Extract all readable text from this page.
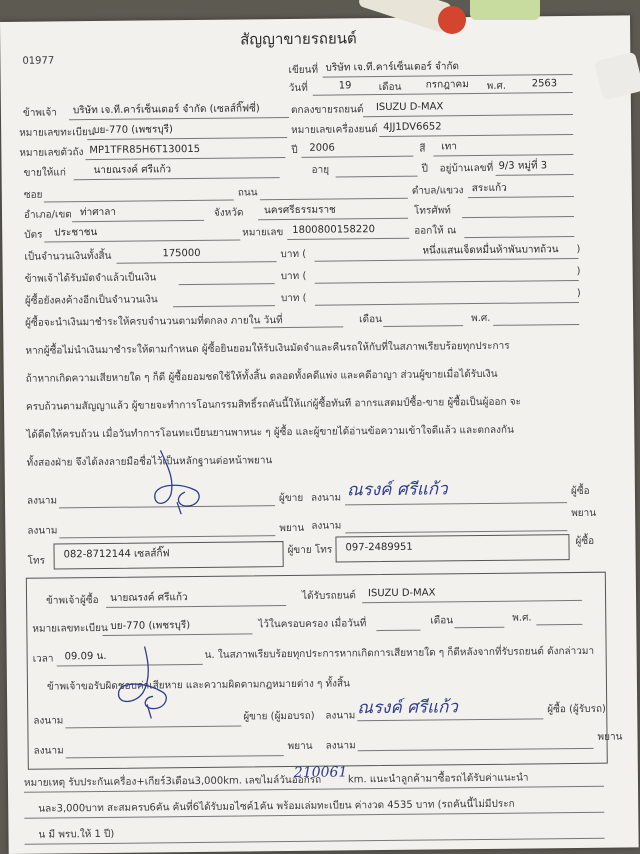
01977
สัญญาขายรถยนต์
เขียนที่ บริษัท เจ.ที.คาร์เซ็นเตอร์ จำกัด
วันที่	19	เดือน กรกฎาคม พ.ศ.	2563
ข้าพเจ้า บริษัท เจ.ที.คาร์เซ็นเตอร์ จำกัด (เซลส์กิ๊ฟซี่)	ตกลงขายรถยนต์ ISUZU D-MAX
หมายเลขทะเบียน
บย-770 (เพชรบุรี)	หมายเลขเครื่องยนต์ 4JJ1DV6652
หมายเลขตัวถัง MP1TFR85H6T130015	ปี 2006	สี เทา
ขายให้แก่	นายณรงค์ ศรีแก้ว	อายุ	ปี อยู่บ้านเลขที่ 9/3 หมู่ที่ 3
ซอย	ถนน	ตำบล/แขวง สระแก้ว
อำเภอ/เขต ท่าศาลา	จังหวัด นครศรีธรรมราช	โทรศัพท์
บัตร ประชาชน	หมายเลข 1800800158220	ออกให้ ณ
เป็นจำนวนเงินทั้งสิ้น	175000	บาท (	หนึ่งแสนเจ็ดหมื่นห้าพันบาทถ้วน )
ข้าพเจ้าได้รับมัดจำแล้วเป็นเงิน	บาท (	)
ผู้ซื้อยังคงค้างอีกเป็นจำนวนเงิน	บาท (	)
ผู้ซื้อจะนำเงินมาชำระให้ครบจำนวนตามที่ตกลง ภายใน วันที่	เดือน	พ.ศ.
หากผู้ซื้อไม่นำเงินมาชำระให้ตามกำหนด ผู้ซื้อยินยอมให้รับเงินมัดจำและคืนรถให้กับที่ในสภาพเรียบร้อยทุกประการ
ถ้าหากเกิดความเสียหายใด ๆ ก็ดี ผู้ซื้อยอมชดใช้ให้ทั้งสิ้น ตลอดทั้งคดีแพ่ง และคดีอาญา ส่วนผู้ขายเมื่อได้รับเงิน
ครบถ้วนตามสัญญาแล้ว ผู้ขายจะทำการโอนกรรมสิทธิ์รถคันนี้ให้แก่ผู้ซื้อทันที อากรแสตมป์ซื้อ-ขาย ผู้ซื้อเป็นผู้ออก จะ
ได้ตีดให้ครบถ้วน เมื่อวันทำการโอนทะเบียนยานพาหนะ ๆ ผู้ซื้อ และผู้ขายได้อ่านข้อความเข้าใจดีแล้ว และตกลงกัน
ทั้งสองฝ่าย จึงได้ลงลายมือชื่อไว้เป็นหลักฐานต่อหน้าพยาน
ลงนาม	ผู้ขาย ลงนาม ณรงค์ ศรีแก้ว	ผู้ซื้อ
ลงนาม	พยาน ลงนาม
พยาน
โทร
082-8712144 เซลส์กิ๊ฟ	ผู้ขาย โทร 097-2489951
ผู้ซื้อ
ข้าพเจ้าผู้ซื้อ นายณรงค์ ศรีแก้ว	ได้รับรถยนต์ ISUZU D-MAX
หมายเลขทะเบียน บย-770 (เพชรบุรี)	ไว้ในครอบครอง เมื่อวันที่	เดือน	พ.ศ.
เวลา 09.09 น.	น. ในสภาพเรียบร้อยทุกประการหากเกิดการเสียหายใด ๆ ก็ดีหลังจากที่รับรถยนต์ ดังกล่าวมา
ข้าพเจ้าขอรับผิดชอบค่าเสียหาย และความผิดตามกฎหมายต่าง ๆ ทั้งสิ้น
ลงนาม	ผู้ขาย (ผู้มอบรถ) ลงนาม ณรงค์ ศรีแก้ว	ผู้ซื้อ (ผู้รับรถ)
ลงนาม	พยาน ลงนาม
พยาน
หมายเหตุ รับประกันเครื่อง+เกียร์3เดือน3,000km. เลขไมล์วันออกรถ
210061 km. แนะนำลูกค้ามาซื้อรถได้รับค่าแนะนำ
นละ3,000บาท สะสมครบ6คัน คันที่6ได้รับมอไซค์1คัน พร้อมเล่มทะเบียน ค่างวด 4535 บาท (รถคันนี้ไม่มีประก
น มี พรบ.ให้ 1 ปี)
